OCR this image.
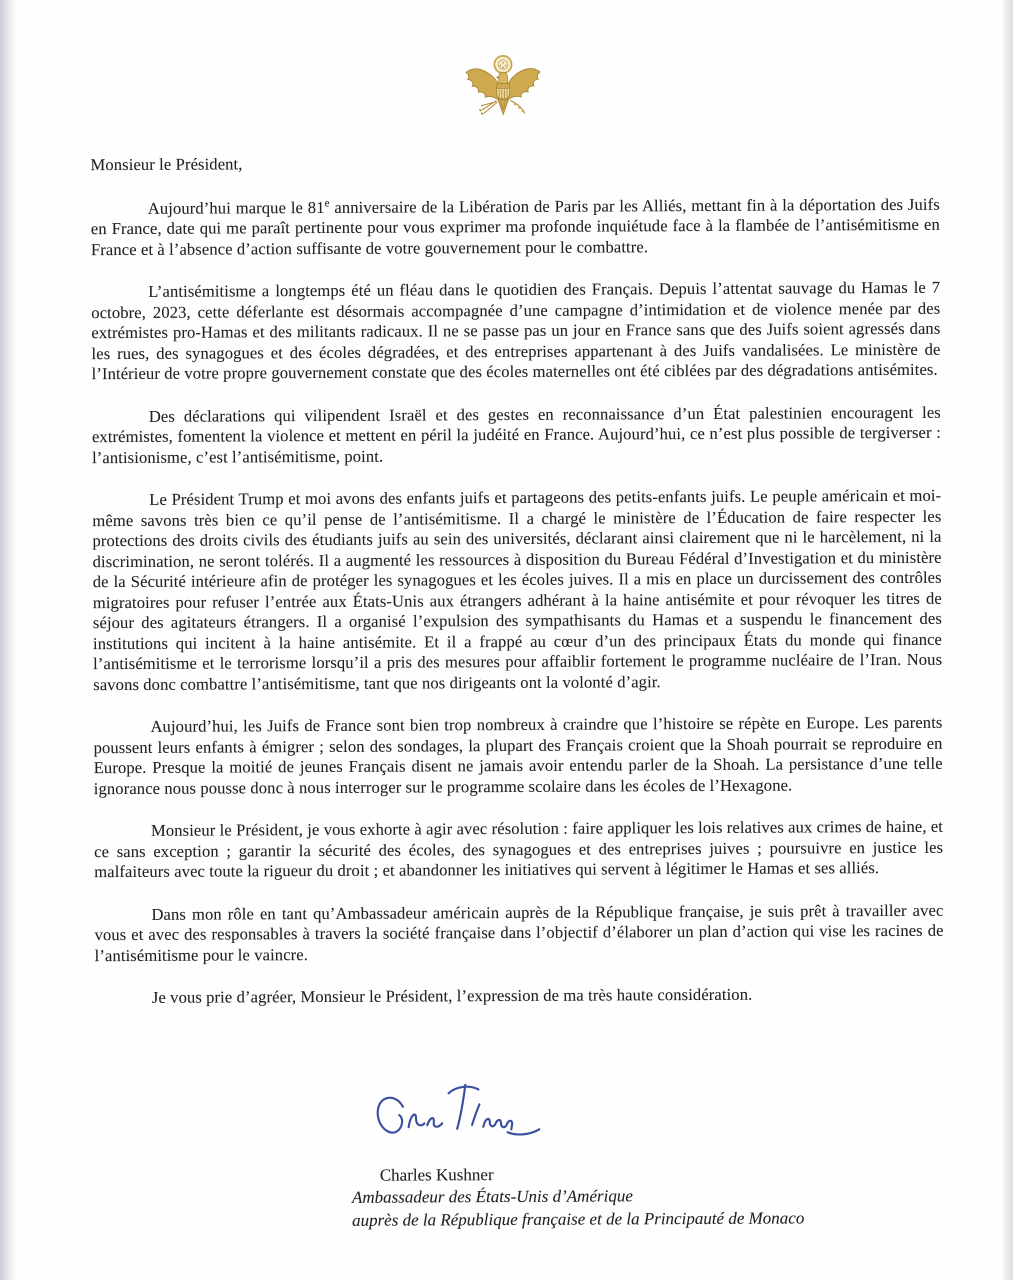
Monsieur le Président,

Aujourd’hui marque le 81e anniversaire de la Libération de Paris par les Alliés, mettant fin à la déportation des Juifs en France, date qui me paraît pertinente pour vous exprimer ma profonde inquiétude face à la flambée de l’antisémitisme en France et à l’absence d’action suffisante de votre gouvernement pour le combattre.

L’antisémitisme a longtemps été un fléau dans le quotidien des Français. Depuis l’attentat sauvage du Hamas le 7 octobre, 2023, cette déferlante est désormais accompagnée d’une campagne d’intimidation et de violence menée par des extrémistes pro-Hamas et des militants radicaux. Il ne se passe pas un jour en France sans que des Juifs soient agressés dans les rues, des synagogues et des écoles dégradées, et des entreprises appartenant à des Juifs vandalisées. Le ministère de l’Intérieur de votre propre gouvernement constate que des écoles maternelles ont été ciblées par des dégradations antisémites.

Des déclarations qui vilipendent Israël et des gestes en reconnaissance d’un État palestinien encouragent les extrémistes, fomentent la violence et mettent en péril la judéité en France. Aujourd’hui, ce n’est plus possible de tergiverser : l’antisionisme, c’est l’antisémitisme, point.

Le Président Trump et moi avons des enfants juifs et partageons des petits-enfants juifs. Le peuple américain et moi-même savons très bien ce qu’il pense de l’antisémitisme. Il a chargé le ministère de l’Éducation de faire respecter les protections des droits civils des étudiants juifs au sein des universités, déclarant ainsi clairement que ni le harcèlement, ni la discrimination, ne seront tolérés. Il a augmenté les ressources à disposition du Bureau Fédéral d’Investigation et du ministère de la Sécurité intérieure afin de protéger les synagogues et les écoles juives. Il a mis en place un durcissement des contrôles migratoires pour refuser l’entrée aux États-Unis aux étrangers adhérant à la haine antisémite et pour révoquer les titres de séjour des agitateurs étrangers. Il a organisé l’expulsion des sympathisants du Hamas et a suspendu le financement des institutions qui incitent à la haine antisémite. Et il a frappé au cœur d’un des principaux États du monde qui finance l’antisémitisme et le terrorisme lorsqu’il a pris des mesures pour affaiblir fortement le programme nucléaire de l’Iran. Nous savons donc combattre l’antisémitisme, tant que nos dirigeants ont la volonté d’agir.

Aujourd’hui, les Juifs de France sont bien trop nombreux à craindre que l’histoire se répète en Europe. Les parents poussent leurs enfants à émigrer ; selon des sondages, la plupart des Français croient que la Shoah pourrait se reproduire en Europe. Presque la moitié de jeunes Français disent ne jamais avoir entendu parler de la Shoah. La persistance d’une telle ignorance nous pousse donc à nous interroger sur le programme scolaire dans les écoles de l’Hexagone.

Monsieur le Président, je vous exhorte à agir avec résolution : faire appliquer les lois relatives aux crimes de haine, et ce sans exception ; garantir la sécurité des écoles, des synagogues et des entreprises juives ; poursuivre en justice les malfaiteurs avec toute la rigueur du droit ; et abandonner les initiatives qui servent à légitimer le Hamas et ses alliés.

Dans mon rôle en tant qu’Ambassadeur américain auprès de la République française, je suis prêt à travailler avec vous et avec des responsables à travers la société française dans l’objectif d’élaborer un plan d’action qui vise les racines de l’antisémitisme pour le vaincre.

Je vous prie d’agréer, Monsieur le Président, l’expression de ma très haute considération.

Charles Kushner
Ambassadeur des États-Unis d’Amérique
auprès de la République française et de la Principauté de Monaco
